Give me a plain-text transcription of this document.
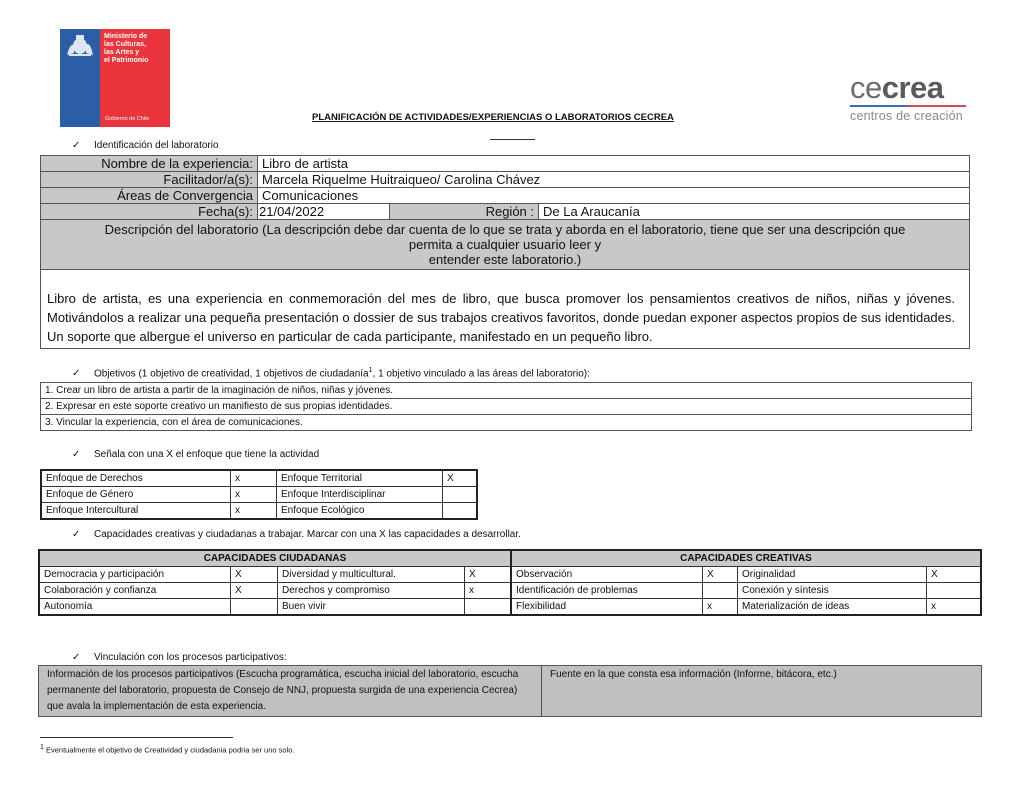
Ministerio de
las Culturas,
las Artes y
el Patrimonio
Gobierno de Chile
cecrea
centros de creación
PLANIFICACIÓN DE ACTIVIDADES/EXPERIENCIAS O LABORATORIOS CECREA
✓	Identificación del laboratorio
Nombre de la experiencia:	Libro de artista		
Facilitador/a(s):	Marcela Riquelme Huitraiqueo/ Carolina Chávez		
Áreas de Convergencia	Comunicaciones		
Fecha(s):	21/04/2022	Región :	De La Araucanía

Descripción del laboratorio (La descripción debe dar cuenta de lo que se trata y aborda en el laboratorio, tiene que ser una descripción que
permita a cualquier usuario leer y
entender este laboratorio.)			

Libro de artista, es una experiencia en conmemoración del mes de libro, que busca promover los pensamientos creativos de niños, niñas y jóvenes. Motivándolos a realizar una pequeña presentación o dossier de sus trabajos creativos favoritos, donde puedan exponer aspectos propios de sus identidades. Un soporte que albergue el universo en particular de cada participante, manifestado en un pequeño libro.			
✓	Objetivos (1 objetivo de creatividad, 1 objetivos de ciudadanía$^1$, 1 objetivo vinculado a las áreas del laboratorio):
1. Crear un libro de artista a partir de la imaginación de niños, niñas y jóvenes.
2. Expresar en este soporte creativo un manifiesto de sus propias identidades.
3. Vincular la experiencia, con el área de comunicaciones.
✓	Señala con una X el enfoque que tiene la actividad
Enfoque de Derechos	x	Enfoque Territorial	X
Enfoque de Género	x	Enfoque Interdisciplinar	
Enfoque Intercultural	x	Enfoque Ecológico	
✓	Capacidades creativas y ciudadanas a trabajar. Marcar con una X las capacidades a desarrollar.
CAPACIDADES CIUDADANAS				CAPACIDADES CREATIVAS			
Democracia y participación	X	Diversidad y multicultural.	X	Observación	X	Originalidad	X
Colaboración y confianza	X	Derechos y compromiso	x	Identificación de problemas		Conexión y síntesis	
Autonomía		Buen vivir		Flexibilidad	x	Materialización de ideas	x
✓	Vinculación con los procesos participativos:
Información de los procesos participativos (Escucha programática, escucha inicial del laboratorio, escucha permanente del laboratorio, propuesta de Consejo de NNJ, propuesta surgida de una experiencia Cecrea) que avala la implementación de esta experiencia.	Fuente en la que consta esa información (Informe, bitácora, etc.)
$^1$ Eventualmente el objetivo de Creatividad y ciudadania podria ser uno solo.
